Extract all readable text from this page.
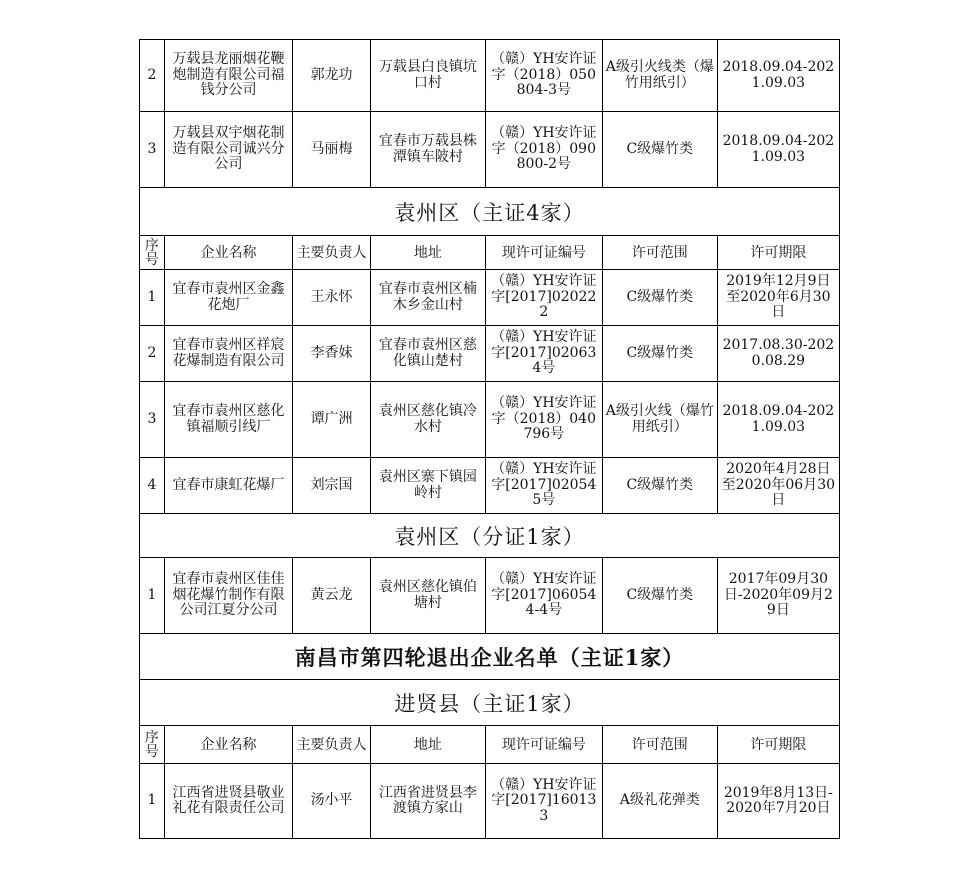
2	万载县龙丽烟花鞭炮制造有限公司福钱分公司	郭龙功	万载县白良镇坑口村	（赣）YH安许证字（2018）050804-3号	A级引火线类（爆竹用纸引）	2018.09.04-2021.09.03

3	万载县双宇烟花制造有限公司诚兴分公司	马丽梅	宜春市万载县株潭镇车陂村	（赣）YH安许证字（2018）090800-2号	C级爆竹类	2018.09.04-2021.09.03

袁州区（主证4家）						

序号	企业名称	主要负责人	地址	现许可证编号	许可范围	许可期限

1	宜春市袁州区金鑫花炮厂	王永怀	宜春市袁州区楠木乡金山村	（赣）YH安许证字[2017]020222	C级爆竹类	2019年12月9日至2020年6月30日

2	宜春市袁州区祥宸花爆制造有限公司	李香妹	宜春市袁州区慈化镇山楚村	（赣）YH安许证字[2017]020634号	C级爆竹类	2017.08.30-2020.08.29

3	宜春市袁州区慈化镇福顺引线厂	谭广洲	袁州区慈化镇冷水村	（赣）YH安许证字（2018）040796号	A级引火线（爆竹用纸引）	2018.09.04-2021.09.03

4	宜春市康虹花爆厂	刘宗国	袁州区寨下镇园岭村	（赣）YH安许证字[2017]020545号	C级爆竹类	2020年4月28日至2020年06月30日

袁州区（分证1家）						

1	宜春市袁州区佳佳烟花爆竹制作有限公司江夏分公司	黄云龙	袁州区慈化镇伯塘村	（赣）YH安许证字[2017]060544-4号	C级爆竹类	2017年09月30日-2020年09月29日

南昌市第四轮退出企业名单（主证1家）						
进贤县（主证1家）						

序号	企业名称	主要负责人	地址	现许可证编号	许可范围	许可期限

1	江西省进贤县敬业礼花有限责任公司	汤小平	江西省进贤县李渡镇方家山	（赣）YH安许证字[2017]160133	A级礼花弹类	2019年8月13日-2020年7月20日
